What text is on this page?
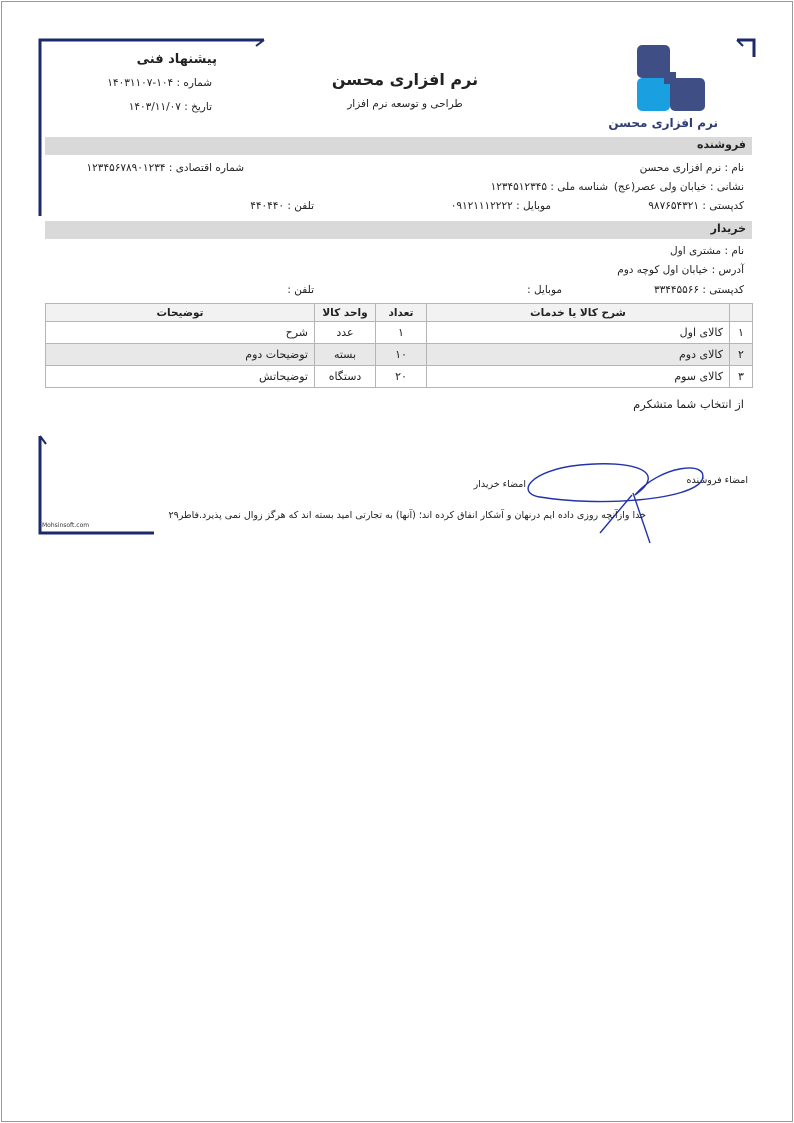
نرم افزاری محسن
نرم افزاری محسن
طراحی و توسعه نرم افزار
پیشنهاد فنی
شماره : ۱۰۴-۱۴۰۳۱۱۰۷
تاریخ : ۱۴۰۳/۱۱/۰۷
فروشنده
نام : نرم افزاری محسن
شماره اقتصادی : ۱۲۳۴۵۶۷۸۹۰۱۲۳۴
نشانی : خیابان ولی عصر(عج)
شناسه ملی : ۱۲۳۴۵۱۲۳۴۵
کدپستی : ۹۸۷۶۵۴۳۲۱
موبایل : ۰۹۱۲۱۱۱۲۲۲۲
تلفن : ۴۴۰۴۴۰
خریدار
نام : مشتری اول
آدرس : خیابان اول کوچه دوم
کدپستی : ۳۳۴۴۵۵۶۶
موبایل :
تلفن :
	شرح کالا یا خدمات	تعداد	واحد کالا	توضیحات
۱	کالای اول	۱	عدد	شرح
۲	کالای دوم	۱۰	بسته	توضیحات دوم
۳	کالای سوم	۲۰	دستگاه	توضیحاتش
از انتخاب شما متشکرم
امضاء فروشنده
امضاء خریدار
خدا وازآنچه روزی داده ایم درنهان و آشکار انفاق کرده اند؛ (آنها) به تجارتی امید بسته اند که هرگز زوال نمی پذیرد.فاطر۲۹
Mohsinsoft.com
